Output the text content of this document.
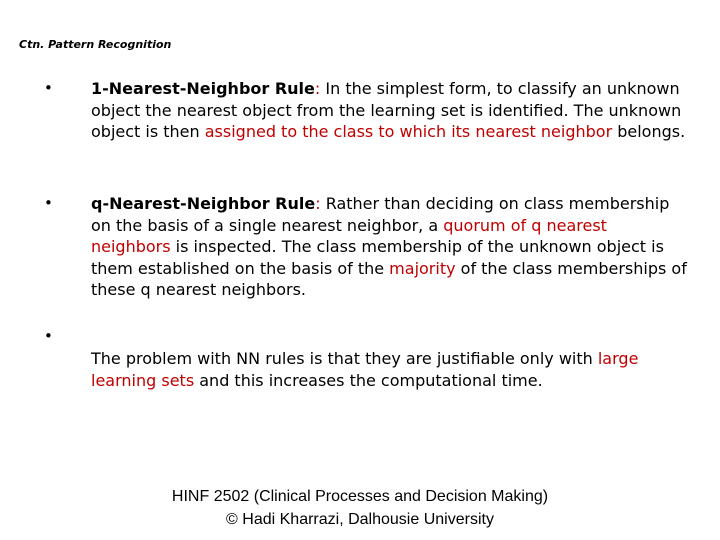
Ctn. Pattern Recognition
• 1-Nearest-Neighbor Rule: In the simplest form, to classify an unknown object the nearest object from the learning set is identified. The unknown object is then assigned to the class to which its nearest neighbor belongs.

• q-Nearest-Neighbor Rule: Rather than deciding on class membership on the basis of a single nearest neighbor, a quorum of q nearest neighbors is inspected. The class membership of the unknown object is them established on the basis of the majority of the class memberships of these q nearest neighbors.

•

The problem with NN rules is that they are justifiable only with large learning sets and this increases the computational time.

HINF 2502 (Clinical Processes and Decision Making)
© Hadi Kharrazi, Dalhousie University
